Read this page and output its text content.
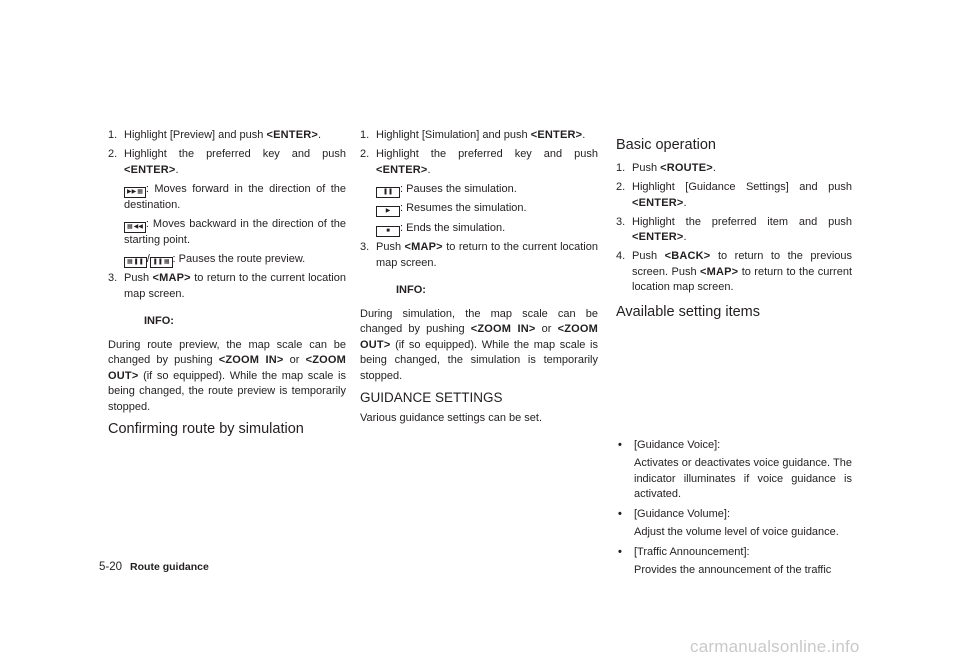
1. Highlight [Preview] and push <ENTER>.
2. Highlight the preferred key and push <ENTER>.
▶▶ ▦ : Moves forward in the direction of the destination.
▦ ◀◀ : Moves backward in the direction of the starting point.
▦ ❚❚ / ❚❚ ▦ : Pauses the route preview.
3. Push <MAP> to return to the current location map screen.
INFO:
During route preview, the map scale can be changed by pushing <ZOOM IN> or <ZOOM OUT> (if so equipped). While the map scale is being changed, the route preview is temporarily stopped.
Confirming route by simulation
1. Highlight [Simulation] and push <ENTER>.
2. Highlight the preferred key and push <ENTER>.
❚❚ : Pauses the simulation.
▶ : Resumes the simulation.
■ : Ends the simulation.
3. Push <MAP> to return to the current location map screen.
INFO:
During simulation, the map scale can be changed by pushing <ZOOM IN> or <ZOOM OUT> (if so equipped). While the map scale is being changed, the simulation is temporarily stopped.
GUIDANCE SETTINGS
Various guidance settings can be set.
Basic operation
1. Push <ROUTE>.
2. Highlight [Guidance Settings] and push <ENTER>.
3. Highlight the preferred item and push <ENTER>.
4. Push <BACK> to return to the previous screen. Push <MAP> to return to the current location map screen.
Available setting items
•	[Guidance Voice]:
Activates or deactivates voice guidance. The indicator illuminates if voice guidance is activated.
•	[Guidance Volume]:
Adjust the volume level of voice guidance.
•	[Traffic Announcement]:
Provides the announcement of the traffic
5-20 Route guidance
carmanualsonline.info
